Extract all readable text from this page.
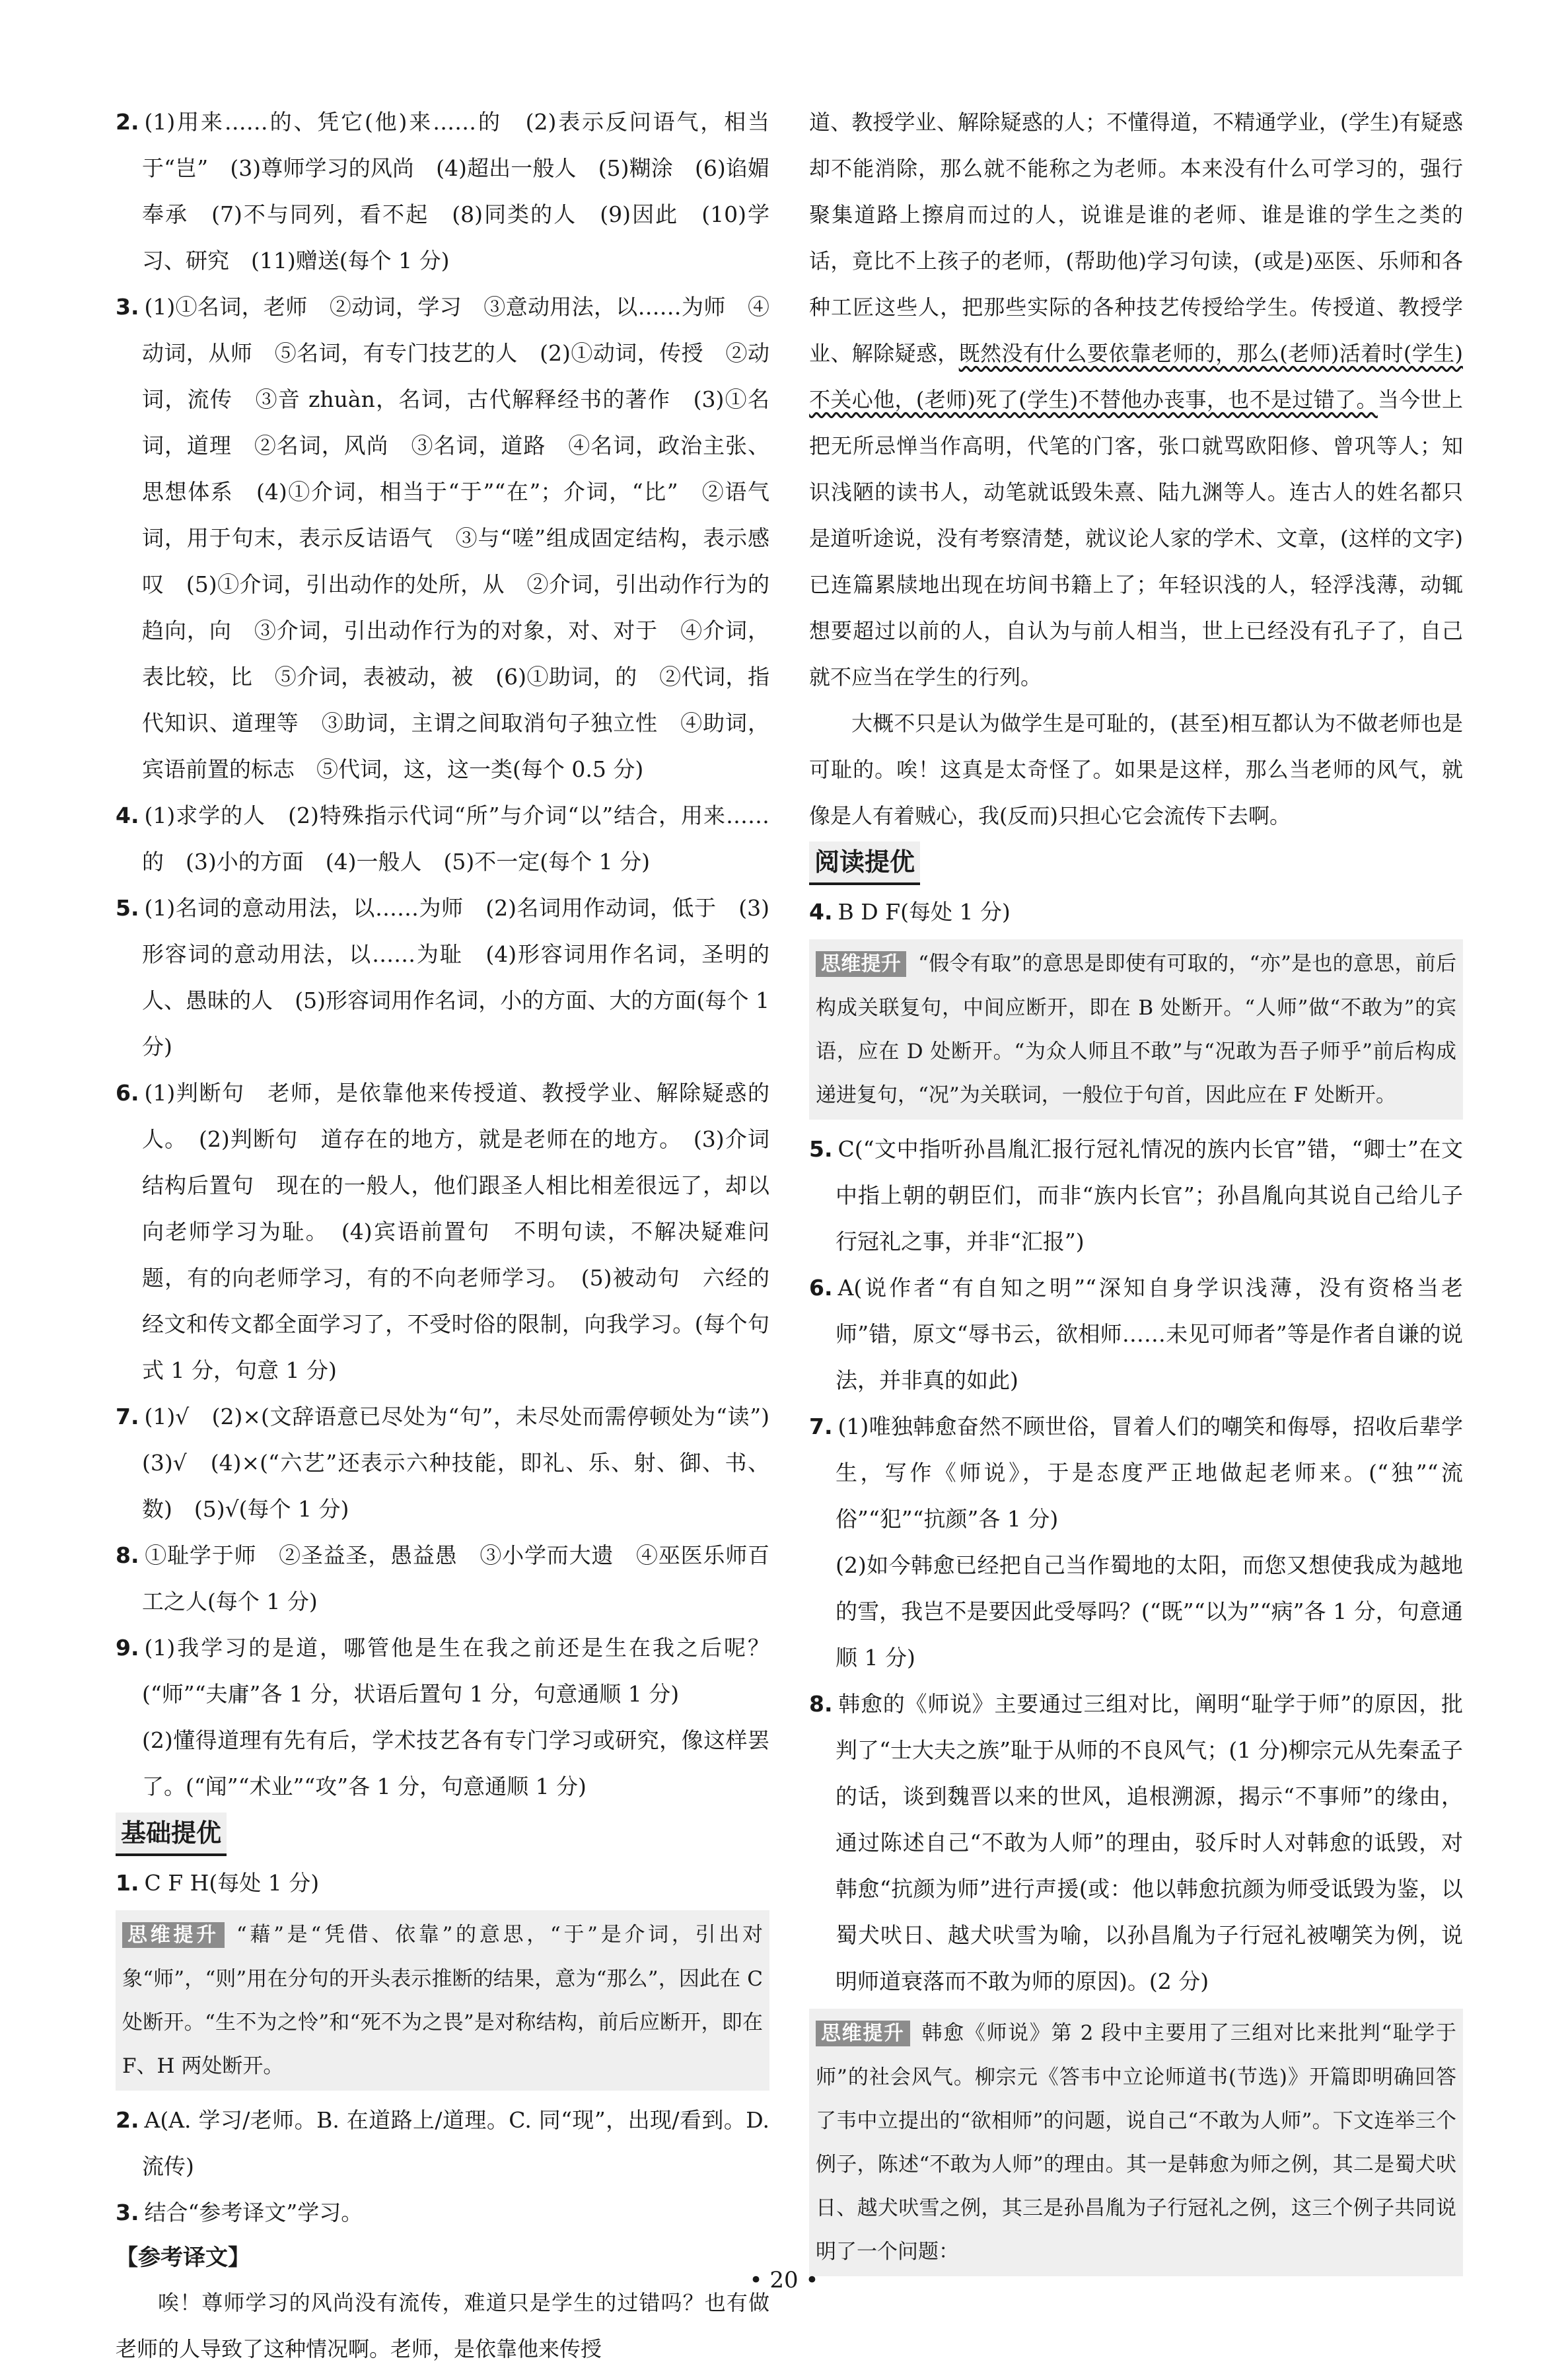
2. (1)用来……的、凭它(他)来……的　(2)表示反问语气，相当于“岂”　(3)尊师学习的风尚　(4)超出一般人　(5)糊涂　(6)谄媚奉承　(7)不与同列，看不起　(8)同类的人　(9)因此　(10)学习、研究　(11)赠送(每个 1 分)

3. (1)①名词，老师　②动词，学习　③意动用法，以……为师　④动词，从师　⑤名词，有专门技艺的人　(2)①动词，传授　②动词，流传　③音 zhuàn，名词，古代解释经书的著作　(3)①名词，道理　②名词，风尚　③名词，道路　④名词，政治主张、思想体系　(4)①介词，相当于“于”“在”；介词，“比”　②语气词，用于句末，表示反诘语气　③与“嗟”组成固定结构，表示感叹　(5)①介词，引出动作的处所，从　②介词，引出动作行为的趋向，向　③介词，引出动作行为的对象，对、对于　④介词，表比较，比　⑤介词，表被动，被　(6)①助词，的　②代词，指代知识、道理等　③助词，主谓之间取消句子独立性　④助词，宾语前置的标志　⑤代词，这，这一类(每个 0.5 分)

4. (1)求学的人　(2)特殊指示代词“所”与介词“以”结合，用来……的　(3)小的方面　(4)一般人　(5)不一定(每个 1 分)

5. (1)名词的意动用法，以……为师　(2)名词用作动词，低于　(3)形容词的意动用法，以……为耻　(4)形容词用作名词，圣明的人、愚昧的人　(5)形容词用作名词，小的方面、大的方面(每个 1 分)

6. (1)判断句　老师，是依靠他来传授道、教授学业、解除疑惑的人。　(2)判断句　道存在的地方，就是老师在的地方。　(3)介词结构后置句　现在的一般人，他们跟圣人相比相差很远了，却以向老师学习为耻。　(4)宾语前置句　不明句读，不解决疑难问题，有的向老师学习，有的不向老师学习。　(5)被动句　六经的经文和传文都全面学习了，不受时俗的限制，向我学习。(每个句式 1 分，句意 1 分)

7. (1)√　(2)×(文辞语意已尽处为“句”，未尽处而需停顿处为“读”)　(3)√　(4)×(“六艺”还表示六种技能，即礼、乐、射、御、书、数)　(5)√(每个 1 分)

8. ①耻学于师　②圣益圣，愚益愚　③小学而大遗　④巫医乐师百工之人(每个 1 分)

9. (1)我学习的是道，哪管他是生在我之前还是生在我之后呢？(“师”“夫庸”各 1 分，状语后置句 1 分，句意通顺 1 分)

(2)懂得道理有先有后，学术技艺各有专门学习或研究，像这样罢了。(“闻”“术业”“攻”各 1 分，句意通顺 1 分)

基础提优

1. C F H(每处 1 分)

思维提升 “藉”是“凭借、依靠”的意思，“于”是介词，引出对象“师”，“则”用在分句的开头表示推断的结果，意为“那么”，因此在 C 处断开。“生不为之怜”和“死不为之畏”是对称结构，前后应断开，即在 F、H 两处断开。

2. A(A. 学习/老师。B. 在道路上/道理。C. 同“现”，出现/看到。D. 流传)

3. 结合“参考译文”学习。

【参考译文】

唉！尊师学习的风尚没有流传，难道只是学生的过错吗？也有做老师的人导致了这种情况啊。老师，是依靠他来传授

道、教授学业、解除疑惑的人；不懂得道，不精通学业，(学生)有疑惑却不能消除，那么就不能称之为老师。本来没有什么可学习的，强行聚集道路上擦肩而过的人，说谁是谁的老师、谁是谁的学生之类的话，竟比不上孩子的老师，(帮助他)学习句读，(或是)巫医、乐师和各种工匠这些人，把那些实际的各种技艺传授给学生。传授道、教授学业、解除疑惑，既然没有什么要依靠老师的，那么(老师)活着时(学生)不关心他，(老师)死了(学生)不替他办丧事，也不是过错了。当今世上把无所忌惮当作高明，代笔的门客，张口就骂欧阳修、曾巩等人；知识浅陋的读书人，动笔就诋毁朱熹、陆九渊等人。连古人的姓名都只是道听途说，没有考察清楚，就议论人家的学术、文章，(这样的文字)已连篇累牍地出现在坊间书籍上了；年轻识浅的人，轻浮浅薄，动辄想要超过以前的人，自认为与前人相当，世上已经没有孔子了，自己就不应当在学生的行列。

大概不只是认为做学生是可耻的，(甚至)相互都认为不做老师也是可耻的。唉！这真是太奇怪了。如果是这样，那么当老师的风气，就像是人有着贼心，我(反而)只担心它会流传下去啊。

阅读提优

4. B D F(每处 1 分)

思维提升 “假令有取”的意思是即使有可取的，“亦”是也的意思，前后构成关联复句，中间应断开，即在 B 处断开。“人师”做“不敢为”的宾语，应在 D 处断开。“为众人师且不敢”与“况敢为吾子师乎”前后构成递进复句，“况”为关联词，一般位于句首，因此应在 F 处断开。

5. C(“文中指听孙昌胤汇报行冠礼情况的族内长官”错，“卿士”在文中指上朝的朝臣们，而非“族内长官”；孙昌胤向其说自己给儿子行冠礼之事，并非“汇报”)

6. A(说作者“有自知之明”“深知自身学识浅薄，没有资格当老师”错，原文“辱书云，欲相师……未见可师者”等是作者自谦的说法，并非真的如此)

7. (1)唯独韩愈奋然不顾世俗，冒着人们的嘲笑和侮辱，招收后辈学生，写作《师说》，于是态度严正地做起老师来。(“独”“流俗”“犯”“抗颜”各 1 分)

(2)如今韩愈已经把自己当作蜀地的太阳，而您又想使我成为越地的雪，我岂不是要因此受辱吗？(“既”“以为”“病”各 1 分，句意通顺 1 分)

8. 韩愈的《师说》主要通过三组对比，阐明“耻学于师”的原因，批判了“士大夫之族”耻于从师的不良风气；(1 分)柳宗元从先秦孟子的话，谈到魏晋以来的世风，追根溯源，揭示“不事师”的缘由，通过陈述自己“不敢为人师”的理由，驳斥时人对韩愈的诋毁，对韩愈“抗颜为师”进行声援(或：他以韩愈抗颜为师受诋毁为鉴，以蜀犬吠日、越犬吠雪为喻，以孙昌胤为子行冠礼被嘲笑为例，说明师道衰落而不敢为师的原因)。(2 分)

思维提升 韩愈《师说》第 2 段中主要用了三组对比来批判“耻学于师”的社会风气。柳宗元《答韦中立论师道书(节选)》开篇即明确回答了韦中立提出的“欲相师”的问题，说自己“不敢为人师”。下文连举三个例子，陈述“不敢为人师”的理由。其一是韩愈为师之例，其二是蜀犬吠日、越犬吠雪之例，其三是孙昌胤为子行冠礼之例，这三个例子共同说明了一个问题：
• 20 •
